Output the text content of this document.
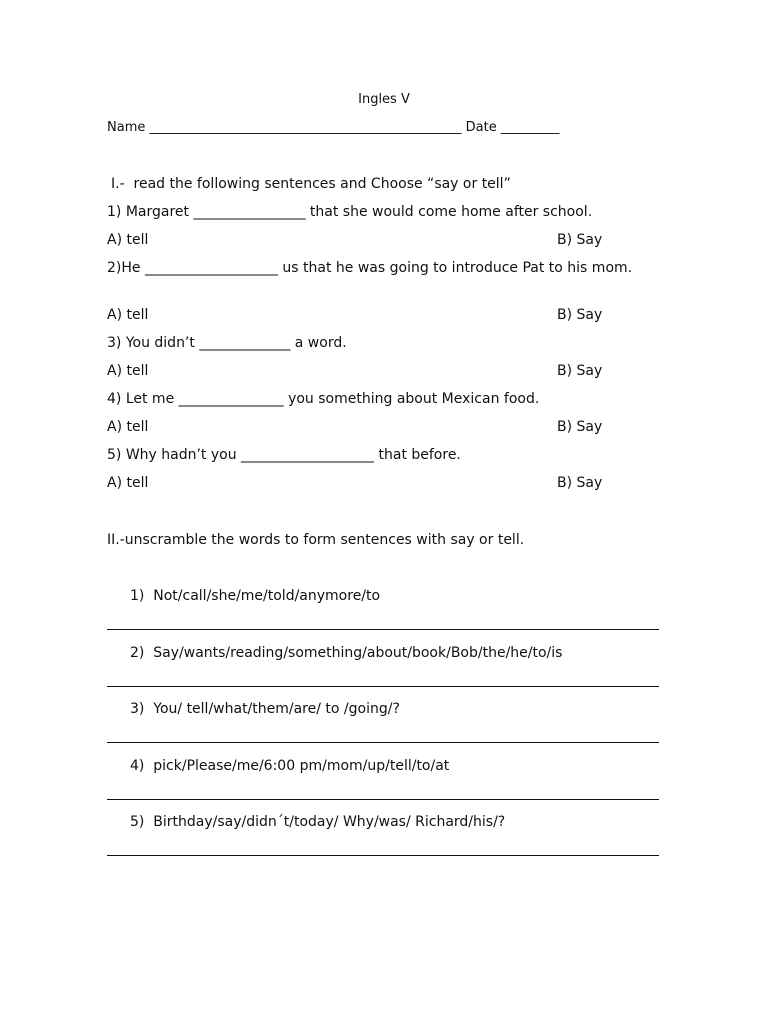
Ingles V
Name ________________________________________________ Date _________
I.-  read the following sentences and Choose “say or tell”
1) Margaret ________________ that she would come home after school.
A) tell	B) Say
2)He ___________________ us that he was going to introduce Pat to his mom.
A) tell	B) Say
3) You didn’t _____________ a word.
A) tell	B) Say
4) Let me _______________ you something about Mexican food.
A) tell	B) Say
5) Why hadn’t you ___________________ that before.
A) tell	B) Say
II.-unscramble the words to form sentences with say or tell.
1)  Not/call/she/me/told/anymore/to
2)  Say/wants/reading/something/about/book/Bob/the/he/to/is
3)  You/ tell/what/them/are/ to /going/?
4)  pick/Please/me/6:00 pm/mom/up/tell/to/at
5)  Birthday/say/didn´t/today/ Why/was/ Richard/his/?
